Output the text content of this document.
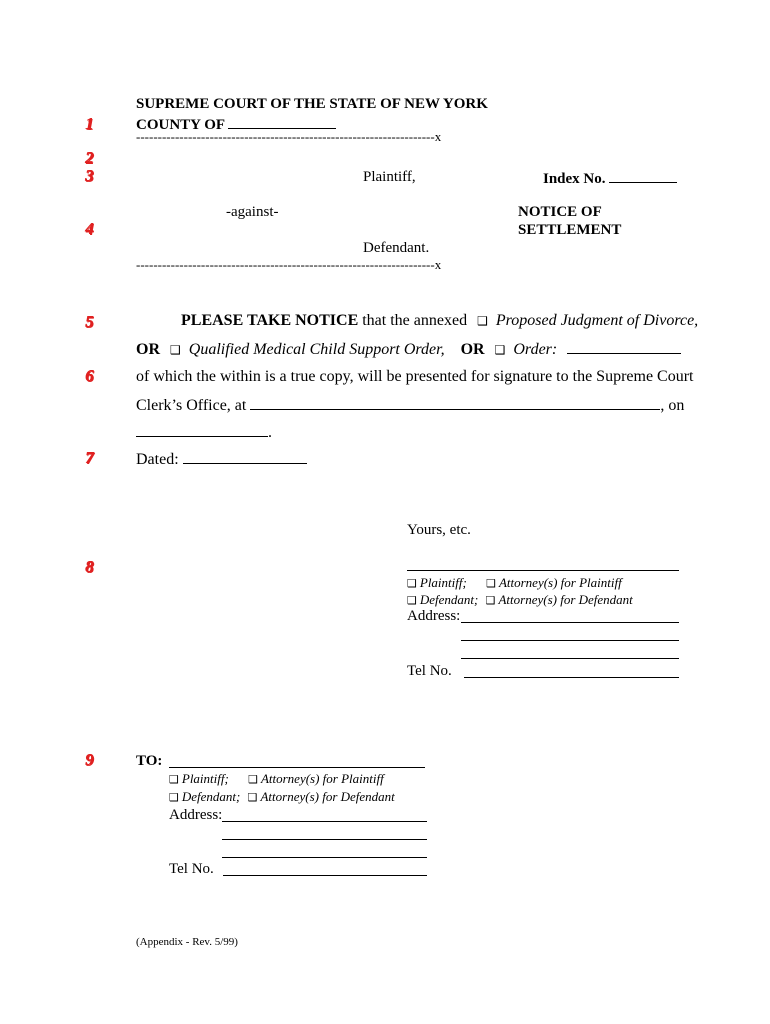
1
2
3
4
5
6
7
8
9
SUPREME COURT OF THE STATE OF NEW YORK
COUNTY OF
---------------------------------------------------------------------x
Plaintiff,	Index No.
-against-	NOTICE OF
SETTLEMENT
Defendant.
---------------------------------------------------------------------x
PLEASE TAKE NOTICE that the annexed ❑ Proposed Judgment of Divorce,
OR ❑ Qualified Medical Child Support Order, OR ❑ Order:
of which the within is a true copy, will be presented for signature to the Supreme Court
Clerk’s Office, at	, on
.
Dated:
Yours, etc.
❑ Plaintiff; ❑ Attorney(s) for Plaintiff
❑ Defendant; ❑ Attorney(s) for Defendant
Address:
Tel No.
TO:
❑ Plaintiff; ❑ Attorney(s) for Plaintiff
❑ Defendant; ❑ Attorney(s) for Defendant
Address:
Tel No.
(Appendix - Rev. 5/99)
